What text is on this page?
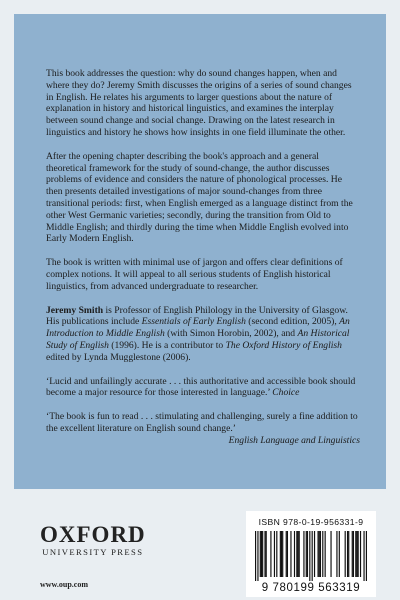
This book addresses the question: why do sound changes happen, when and where they do? Jeremy Smith discusses the origins of a series of sound changes in English. He relates his arguments to larger questions about the nature of explanation in history and historical linguistics, and examines the interplay between sound change and social change. Drawing on the latest research in linguistics and history he shows how insights in one field illuminate the other.

After the opening chapter describing the book's approach and a general theoretical framework for the study of sound-change, the author discusses problems of evidence and considers the nature of phonological processes. He then presents detailed investigations of major sound-changes from three transitional periods: first, when English emerged as a language distinct from the other West Germanic varieties; secondly, during the transition from Old to Middle English; and thirdly during the time when Middle English evolved into Early Modern English.

The book is written with minimal use of jargon and offers clear definitions of complex notions. It will appeal to all serious students of English historical linguistics, from advanced undergraduate to researcher.

Jeremy Smith is Professor of English Philology in the University of Glasgow. His publications include Essentials of Early English (second edition, 2005), An Introduction to Middle English (with Simon Horobin, 2002), and An Historical Study of English (1996). He is a contributor to The Oxford History of English edited by Lynda Mugglestone (2006).

‘Lucid and unfailingly accurate . . . this authoritative and accessible book should become a major resource for those interested in language.’ Choice

‘The book is fun to read . . . stimulating and challenging, surely a fine addition to the excellent literature on English sound change.’

English Language and Linguistics

OXFORD
UNIVERSITY PRESS
www.oup.com
ISBN 978-0-19-956331-9
9 780199 563319
